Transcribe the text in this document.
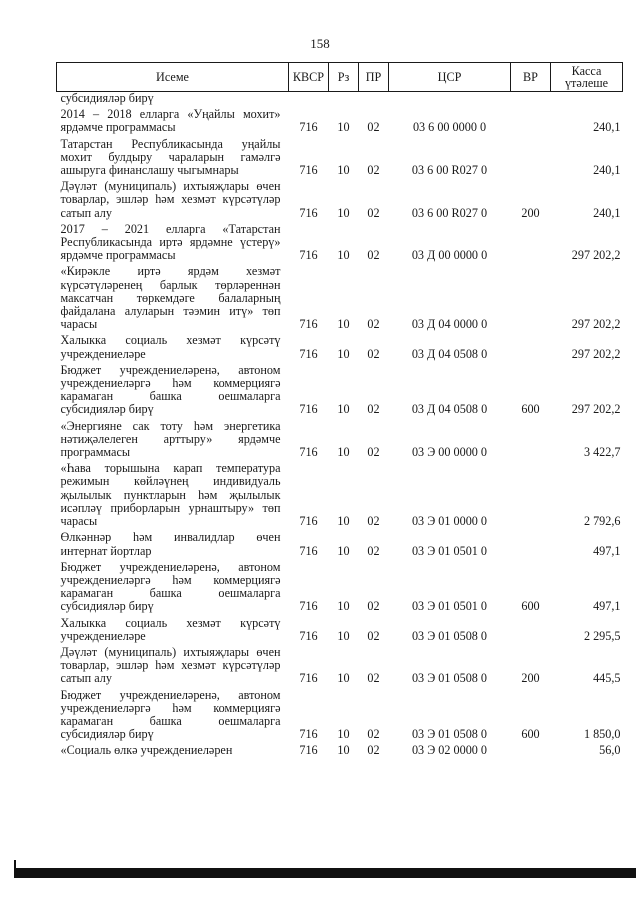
158
Исеме	КВСР	Рз	ПР	ЦСР	ВР	Касса үтәлеше

субсидияләр бирү						

2014 – 2018 елларга «Уңайлы мохит»
ярдәмче программасы	716	10	02	03 6 00 0000 0		240,1

Татарстан Республикасында уңайлы
мохит булдыру чараларын гамәлгә
ашыруга финанслашу чыгымнары	716	10	02	03 6 00 R027 0		240,1

Дәүләт (муниципаль) ихтыяҗлары өчен
товарлар, эшләр һәм хезмәт күрсәтүләр
сатып алу	716	10	02	03 6 00 R027 0	200	240,1

2017 – 2021 елларга «Татарстан
Республикасында иртә ярдәмне үстерү»
ярдәмче программасы	716	10	02	03 Д 00 0000 0		297 202,2

«Кирәкле иртә ярдәм хезмәт
күрсәтүләренең барлык төрләреннән
максатчан төркемдәге балаларның
файдалана алуларын тәэмин итү» төп
чарасы	716	10	02	03 Д 04 0000 0		297 202,2

Халыкка социаль хезмәт күрсәтү
учреждениеләре	716	10	02	03 Д 04 0508 0		297 202,2

Бюджет учреждениеләренә, автоном
учреждениеләргә һәм коммерциягә
карамаган башка оешмаларга
субсидияләр бирү	716	10	02	03 Д 04 0508 0	600	297 202,2

«Энергияне сак тоту һәм энергетика
нәтиҗәлелеген арттыру» ярдәмче
программасы	716	10	02	03 Э 00 0000 0		3 422,7

«Һава торышына карап температура
режимын көйләүнең индивидуаль
җылылык пунктларын һәм җылылык
исәпләү приборларын урнаштыру» төп
чарасы	716	10	02	03 Э 01 0000 0		2 792,6

Өлкәннәр һәм инвалидлар өчен
интернат йортлар	716	10	02	03 Э 01 0501 0		497,1

Бюджет учреждениеләренә, автоном
учреждениеләргә һәм коммерциягә
карамаган башка оешмаларга
субсидияләр бирү	716	10	02	03 Э 01 0501 0	600	497,1

Халыкка социаль хезмәт күрсәтү
учреждениеләре	716	10	02	03 Э 01 0508 0		2 295,5

Дәүләт (муниципаль) ихтыяҗлары өчен
товарлар, эшләр һәм хезмәт күрсәтүләр
сатып алу	716	10	02	03 Э 01 0508 0	200	445,5

Бюджет учреждениеләренә, автоном
учреждениеләргә һәм коммерциягә
карамаган башка оешмаларга
субсидияләр бирү	716	10	02	03 Э 01 0508 0	600	1 850,0

«Социаль өлкә учреждениеләрен	716	10	02	03 Э 02 0000 0		56,0
